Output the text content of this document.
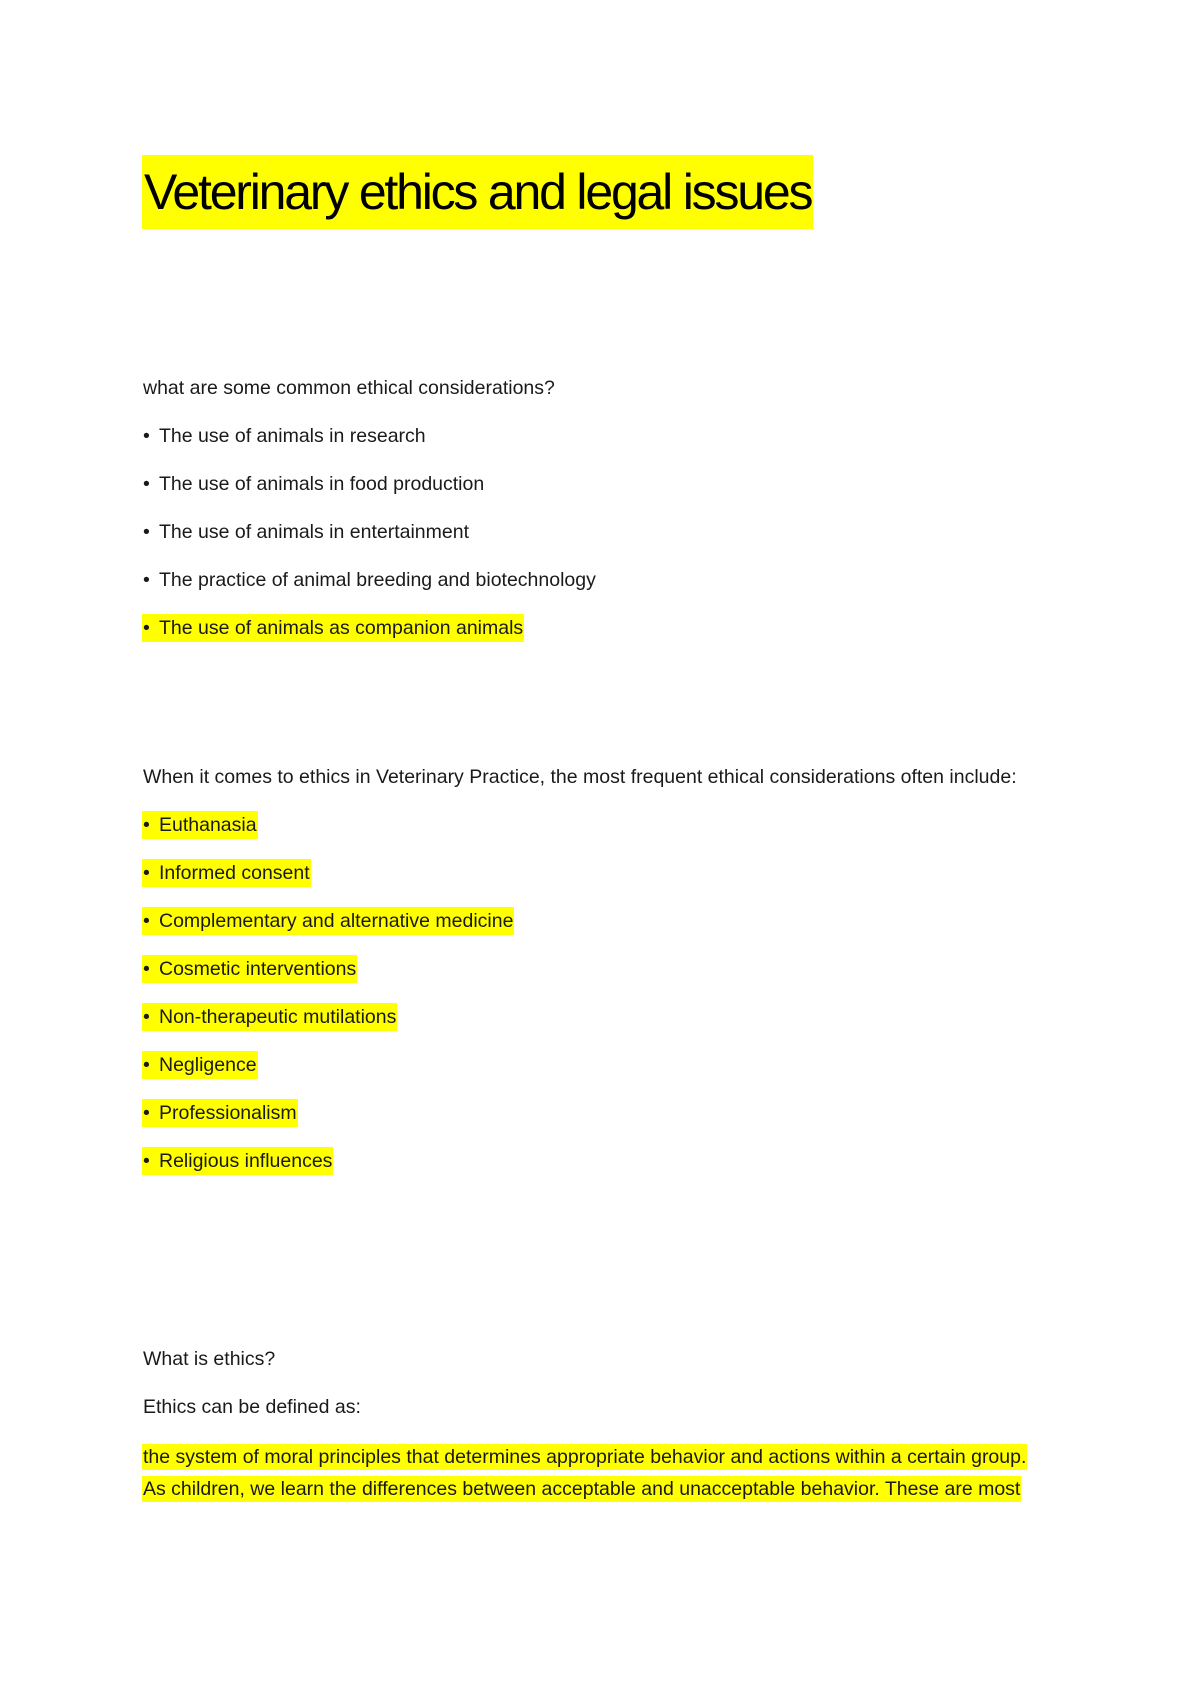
Veterinary ethics and legal issues
what are some common ethical considerations?
• The use of animals in research
• The use of animals in food production
• The use of animals in entertainment
• The practice of animal breeding and biotechnology
• The use of animals as companion animals
When it comes to ethics in Veterinary Practice, the most frequent ethical considerations often include:
• Euthanasia
• Informed consent
• Complementary and alternative medicine
• Cosmetic interventions
• Non-therapeutic mutilations
• Negligence
• Professionalism
• Religious influences
What is ethics?
Ethics can be defined as:
the system of moral principles that determines appropriate behavior and actions within a certain group.
As children, we learn the differences between acceptable and unacceptable behavior. These are most
